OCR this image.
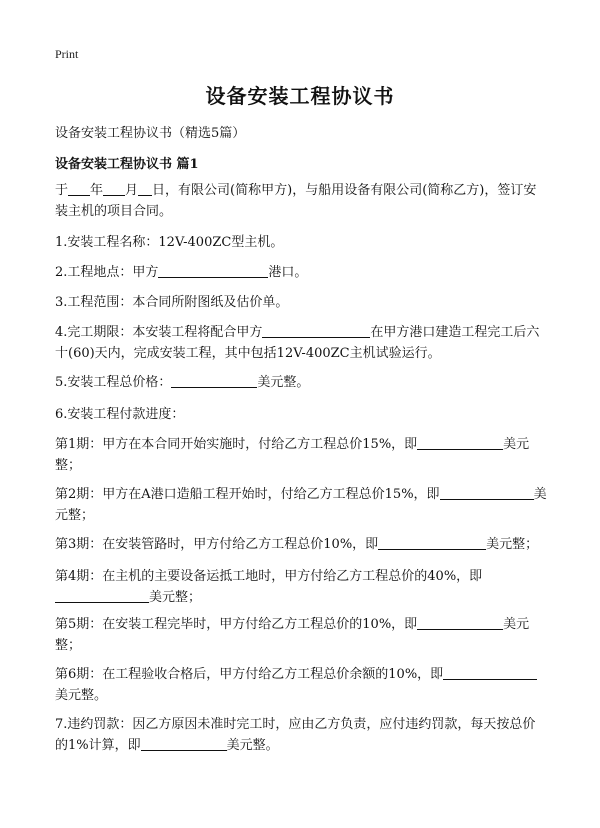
Print
设备安装工程协议书
设备安装工程协议书（精选5篇）
设备安装工程协议书 篇1

于 年 月 日，有限公司(简称甲方)，与船用设备有限公司(简称乙方)，签订安装主机的项目合同。

1.安装工程名称：12V-400ZC型主机。

2.工程地点：甲方	港口。

3.工程范围：本合同所附图纸及估价单。

4.完工期限：本安装工程将配合甲方	在甲方港口建造工程完工后六十(60)天内，完成安装工程，其中包括12V-400ZC主机试验运行。

5.安装工程总价格：	美元整。

6.安装工程付款进度：

第1期：甲方在本合同开始实施时，付给乙方工程总价15%，即	美元整；

第2期：甲方在A港口造船工程开始时，付给乙方工程总价15%，即	美元整；

第3期：在安装管路时，甲方付给乙方工程总价10%，即	美元整；

第4期：在主机的主要设备运抵工地时，甲方付给乙方工程总价的40%，即美元整；

第5期：在安装工程完毕时，甲方付给乙方工程总价的10%，即	美元整；

第6期：在工程验收合格后，甲方付给乙方工程总价余额的10%，即美元整。

7.违约罚款：因乙方原因未准时完工时，应由乙方负责，应付违约罚款，每天按总价的1%计算，即	美元整。
